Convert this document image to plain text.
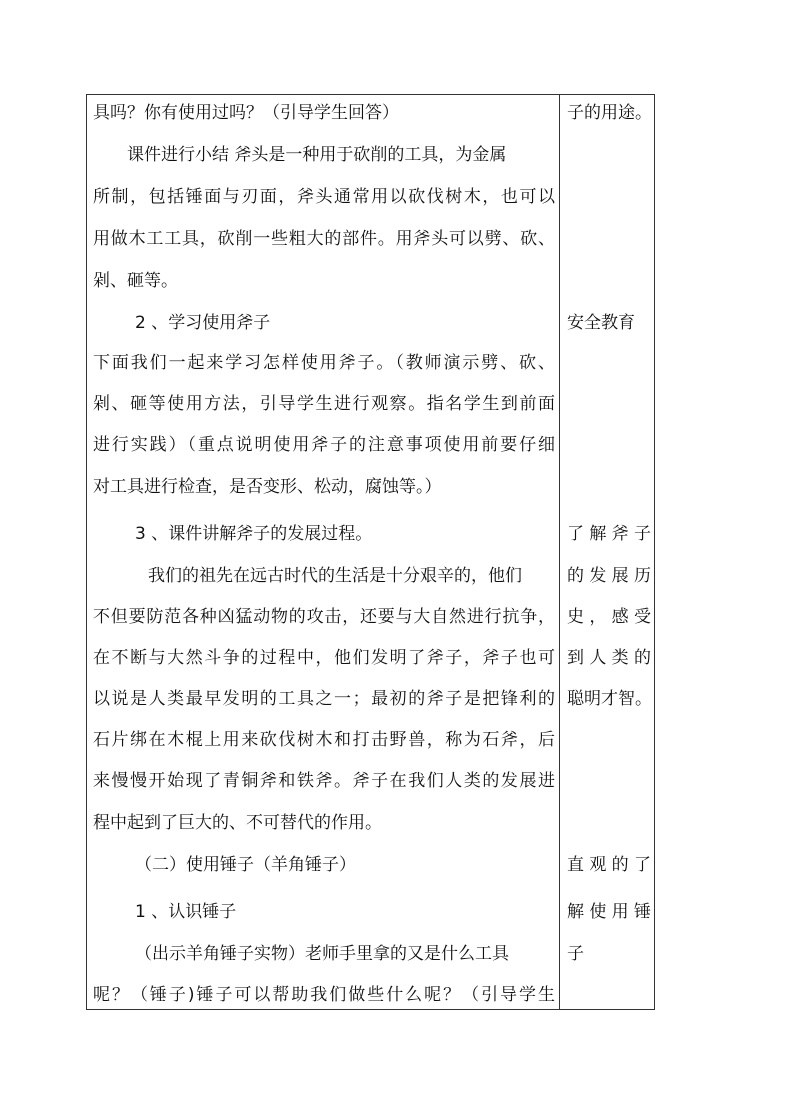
具吗？你有使用过吗？（引导学生回答）
课件进行小结 斧头是一种用于砍削的工具，为金属
所制，包括锤面与刃面，斧头通常用以砍伐树木，也可以
用做木工工具，砍削一些粗大的部件。用斧头可以劈、砍、
剁、砸等。
2 、学习使用斧子
下面我们一起来学习怎样使用斧子。（教师演示劈、砍、
剁、砸等使用方法，引导学生进行观察。指名学生到前面
进行实践）（重点说明使用斧子的注意事项使用前要仔细
对工具进行检查，是否变形、松动，腐蚀等。）
3 、课件讲解斧子的发展过程。
我们的祖先在远古时代的生活是十分艰辛的，他们
不但要防范各种凶猛动物的攻击，还要与大自然进行抗争，
在不断与大然斗争的过程中，他们发明了斧子，斧子也可
以说是人类最早发明的工具之一；最初的斧子是把锋利的
石片绑在木棍上用来砍伐树木和打击野兽，称为石斧，后
来慢慢开始现了青铜斧和铁斧。斧子在我们人类的发展进
程中起到了巨大的、不可替代的作用。
（二）使用锤子（羊角锤子）
1 、认识锤子
（出示羊角锤子实物）老师手里拿的又是什么工具
呢？（锤子)锤子可以帮助我们做些什么呢？（引导学生
子的用途。
安全教育
了解斧子
的发展历
史，感受
到人类的
聪明才智。
直观的了
解使用锤
子
